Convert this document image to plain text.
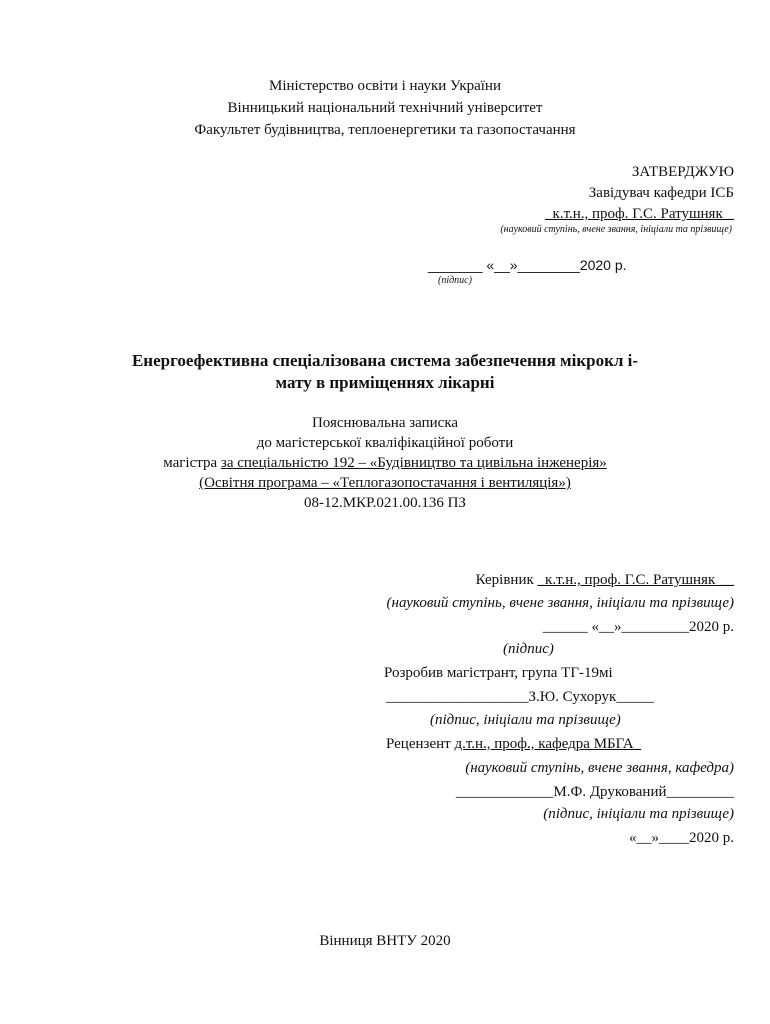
Міністерство освіти і науки України
Вінницький національний технічний університет
Факультет будівництва, теплоенергетики та газопостачання
ЗАТВЕРДЖУЮ
Завідувач кафедри ІСБ
_к.т.н., проф. Г.С. Ратушняк _
(науковий ступінь, вчене звання, ініціали та прізвище)
_______ «__»________2020 р.
(підпис)
Енергоефективна спеціалізована система забезпечення мікрокл і-
мату в приміщеннях лікарні
Пояснювальна записка
до магістерської кваліфікаційної роботи
магістра за спеціальністю 192 – «Будівництво та цивільна інженерія»
(Освітня програма – «Теплогазопостачання і вентиляція»)
08-12.МКР.021.00.136 ПЗ
Керівник _к.т.н., проф. Г.С. Ратушняк __
(науковий ступінь, вчене звання, ініціали та прізвище)
______ «__»_________2020 р.
(підпис)
Розробив магістрант, група ТГ-19мі
___________________З.Ю. Сухорук_____
(підпис, ініціали та прізвище)
Рецензент д.т.н., проф., кафедра МБГА_
(науковий ступінь, вчене звання, кафедра)
_____________М.Ф. Друкований_________
(підпис, ініціали та прізвище)
«__»____2020 р.
Вінниця ВНТУ 2020
